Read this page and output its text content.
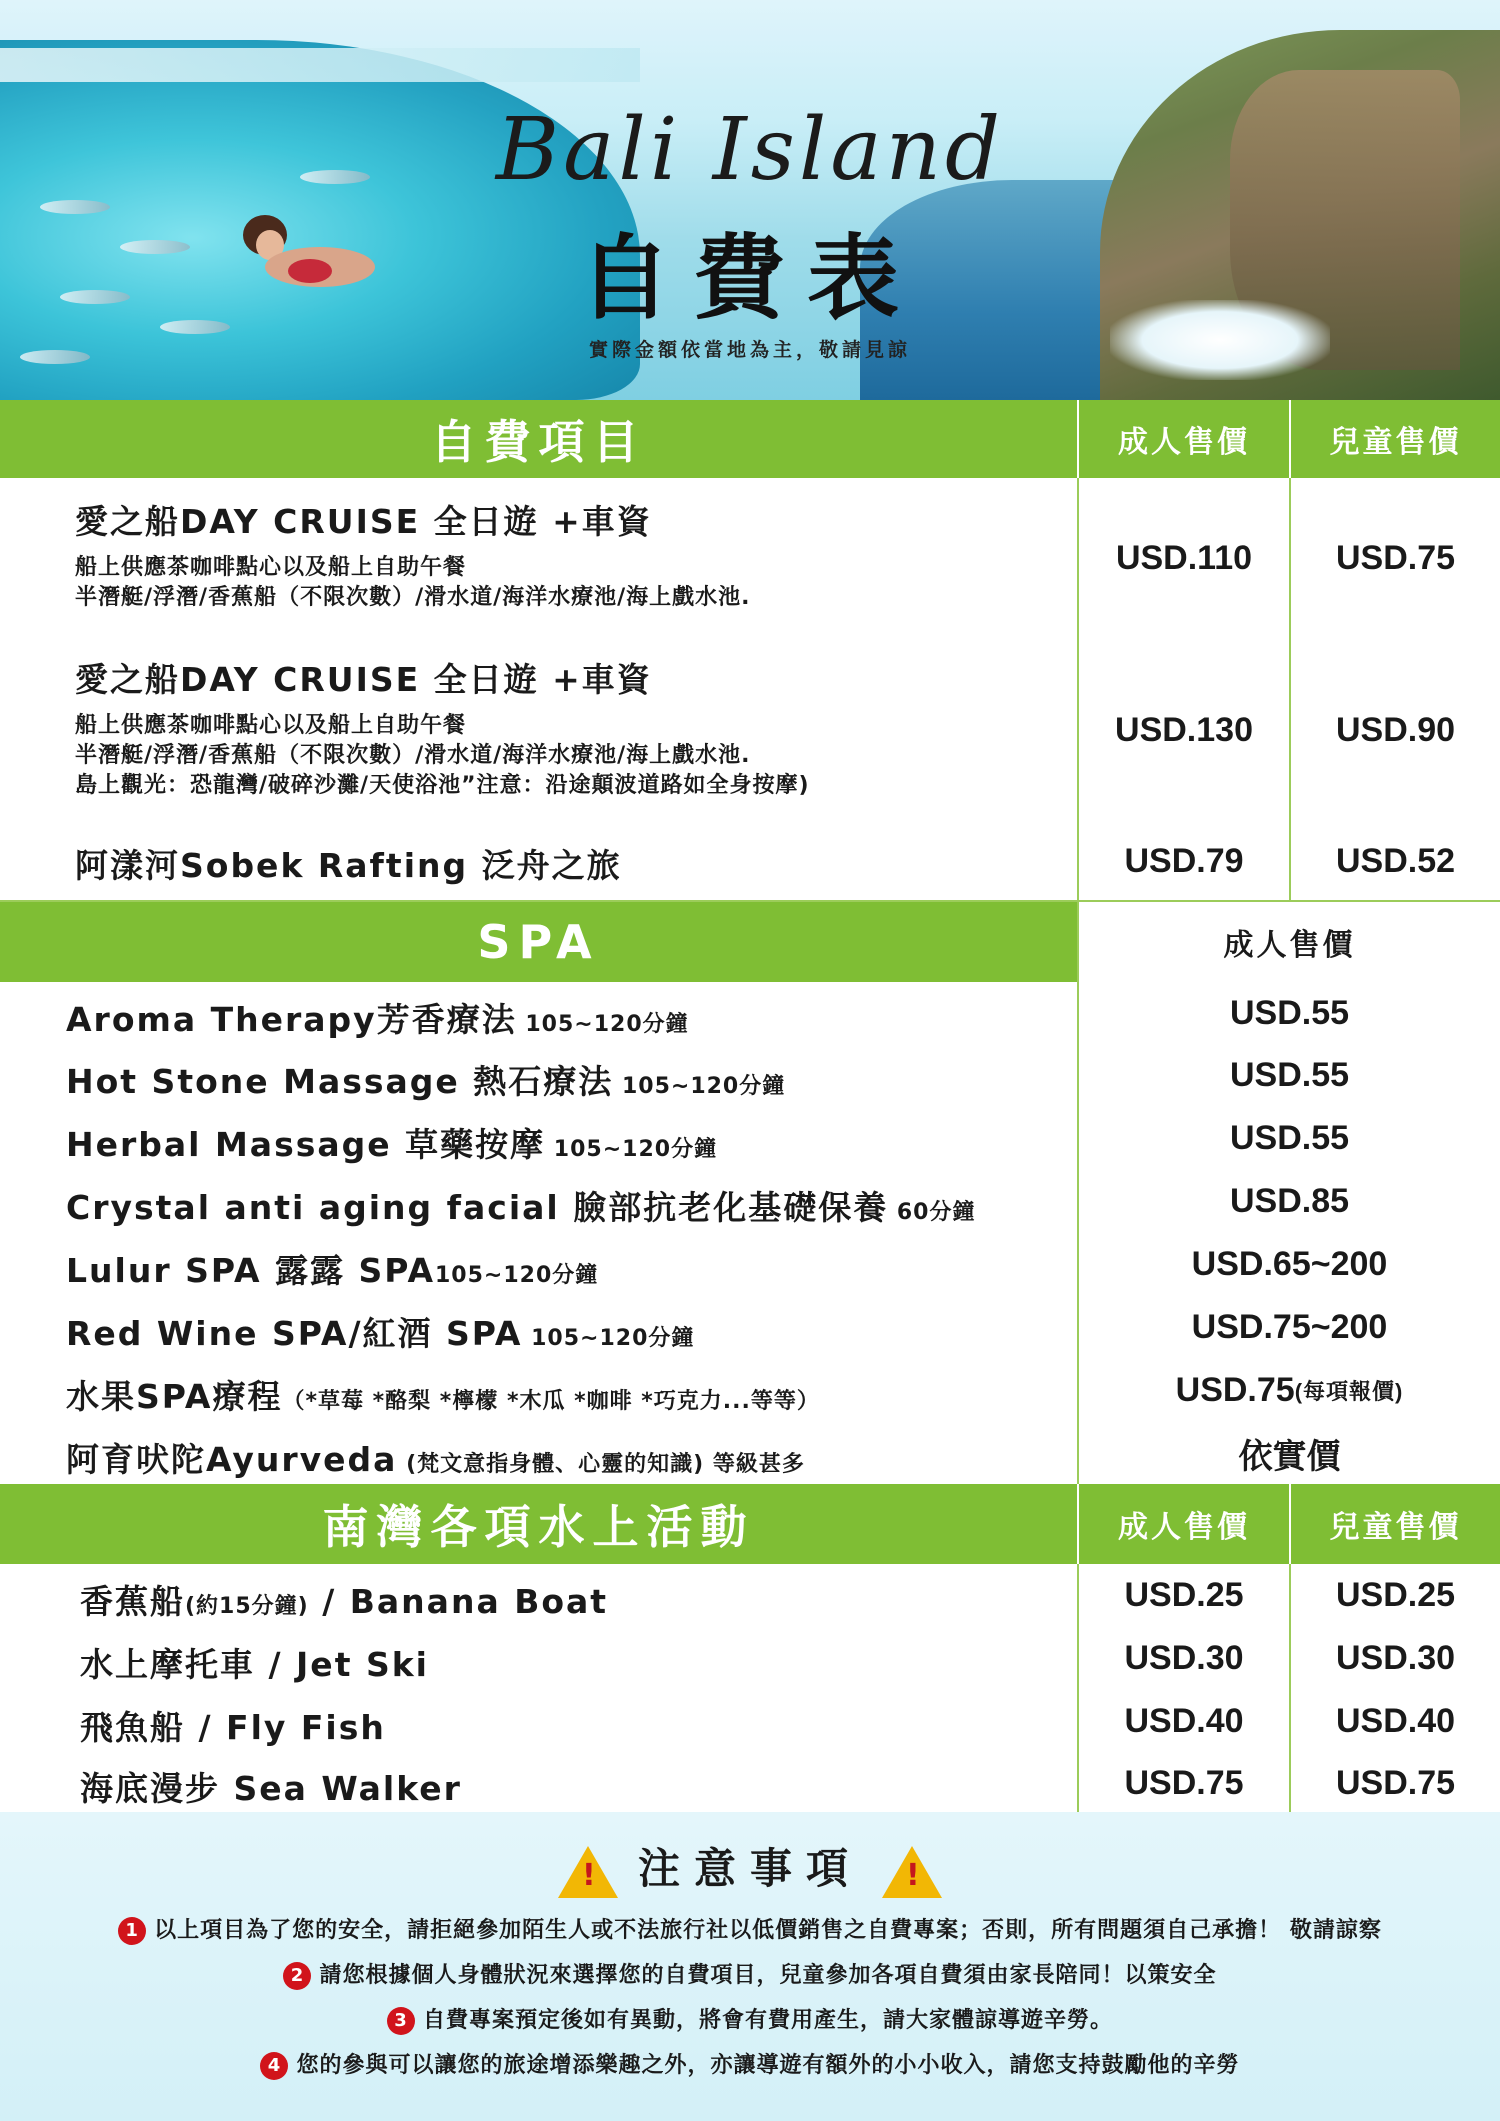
Bali Island
自費表
實際金額依當地為主，敬請見諒
自費項目	成人售價	兒童售價
愛之船DAY CRUISE 全日遊 +車資
船上供應茶咖啡點心以及船上自助午餐
半潛艇/浮潛/香蕉船（不限次數）/滑水道/海洋水療池/海上戲水池.
USD.110	USD.75
愛之船DAY CRUISE 全日遊 +車資
船上供應茶咖啡點心以及船上自助午餐
半潛艇/浮潛/香蕉船（不限次數）/滑水道/海洋水療池/海上戲水池.
島上觀光：恐龍灣/破碎沙灘/天使浴池”注意：沿途顛波道路如全身按摩)
USD.130	USD.90
阿漾河Sobek Rafting 泛舟之旅	USD.79	USD.52
SPA	成人售價
Aroma Therapy芳香療法 105~120分鐘	USD.55
Hot Stone Massage 熱石療法 105~120分鐘	USD.55
Herbal Massage 草藥按摩 105~120分鐘	USD.55
Crystal anti aging facial 臉部抗老化基礎保養 60分鐘	USD.85
Lulur SPA 露露 SPA105~120分鐘	USD.65~200
Red Wine SPA/紅酒 SPA 105~120分鐘	USD.75~200
水果SPA療程（*草莓 *酪梨 *檸檬 *木瓜 *咖啡 *巧克力...等等）	USD.75 (每項報價)
阿育吠陀Ayurveda (梵文意指身體、心靈的知識) 等級甚多	依實價
南灣各項水上活動	成人售價	兒童售價
香蕉船(約15分鐘) / Banana Boat	USD.25	USD.25
水上摩托車 / Jet Ski	USD.30	USD.30
飛魚船 / Fly Fish	USD.40	USD.40
海底漫步 Sea Walker	USD.75	USD.75
!注意事項!
1 以上項目為了您的安全，請拒絕參加陌生人或不法旅行社以低價銷售之自費專案；否則，所有問題須自己承擔！ 敬請諒察
2 請您根據個人身體狀況來選擇您的自費項目，兒童參加各項自費須由家長陪同！以策安全
3 自費專案預定後如有異動，將會有費用產生，請大家體諒導遊辛勞。
4 您的參與可以讓您的旅途增添樂趣之外，亦讓導遊有額外的小小收入，請您支持鼓勵他的辛勞
